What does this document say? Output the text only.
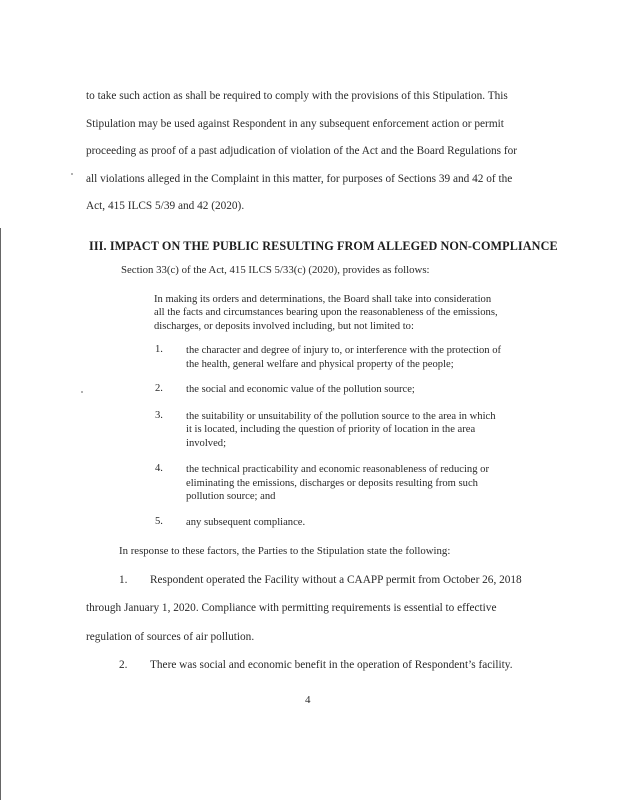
to take such action as shall be required to comply with the provisions of this Stipulation. This
Stipulation may be used against Respondent in any subsequent enforcement action or permit
proceeding as proof of a past adjudication of violation of the Act and the Board Regulations for
all violations alleged in the Complaint in this matter, for purposes of Sections 39 and 42 of the
Act, 415 ILCS 5/39 and 42 (2020).
III. IMPACT ON THE PUBLIC RESULTING FROM ALLEGED NON-COMPLIANCE
Section 33(c) of the Act, 415 ILCS 5/33(c) (2020), provides as follows:
In making its orders and determinations, the Board shall take into consideration
all the facts and circumstances bearing upon the reasonableness of the emissions,
discharges, or deposits involved including, but not limited to:
1. the character and degree of injury to, or interference with the protection of
the health, general welfare and physical property of the people;
2. the social and economic value of the pollution source;
3. the suitability or unsuitability of the pollution source to the area in which
it is located, including the question of priority of location in the area
involved;
4. the technical practicability and economic reasonableness of reducing or
eliminating the emissions, discharges or deposits resulting from such
pollution source; and
5. any subsequent compliance.
In response to these factors, the Parties to the Stipulation state the following:
1. Respondent operated the Facility without a CAAPP permit from October 26, 2018
through January 1, 2020. Compliance with permitting requirements is essential to effective
regulation of sources of air pollution.
2. There was social and economic benefit in the operation of Respondent’s facility.
4
